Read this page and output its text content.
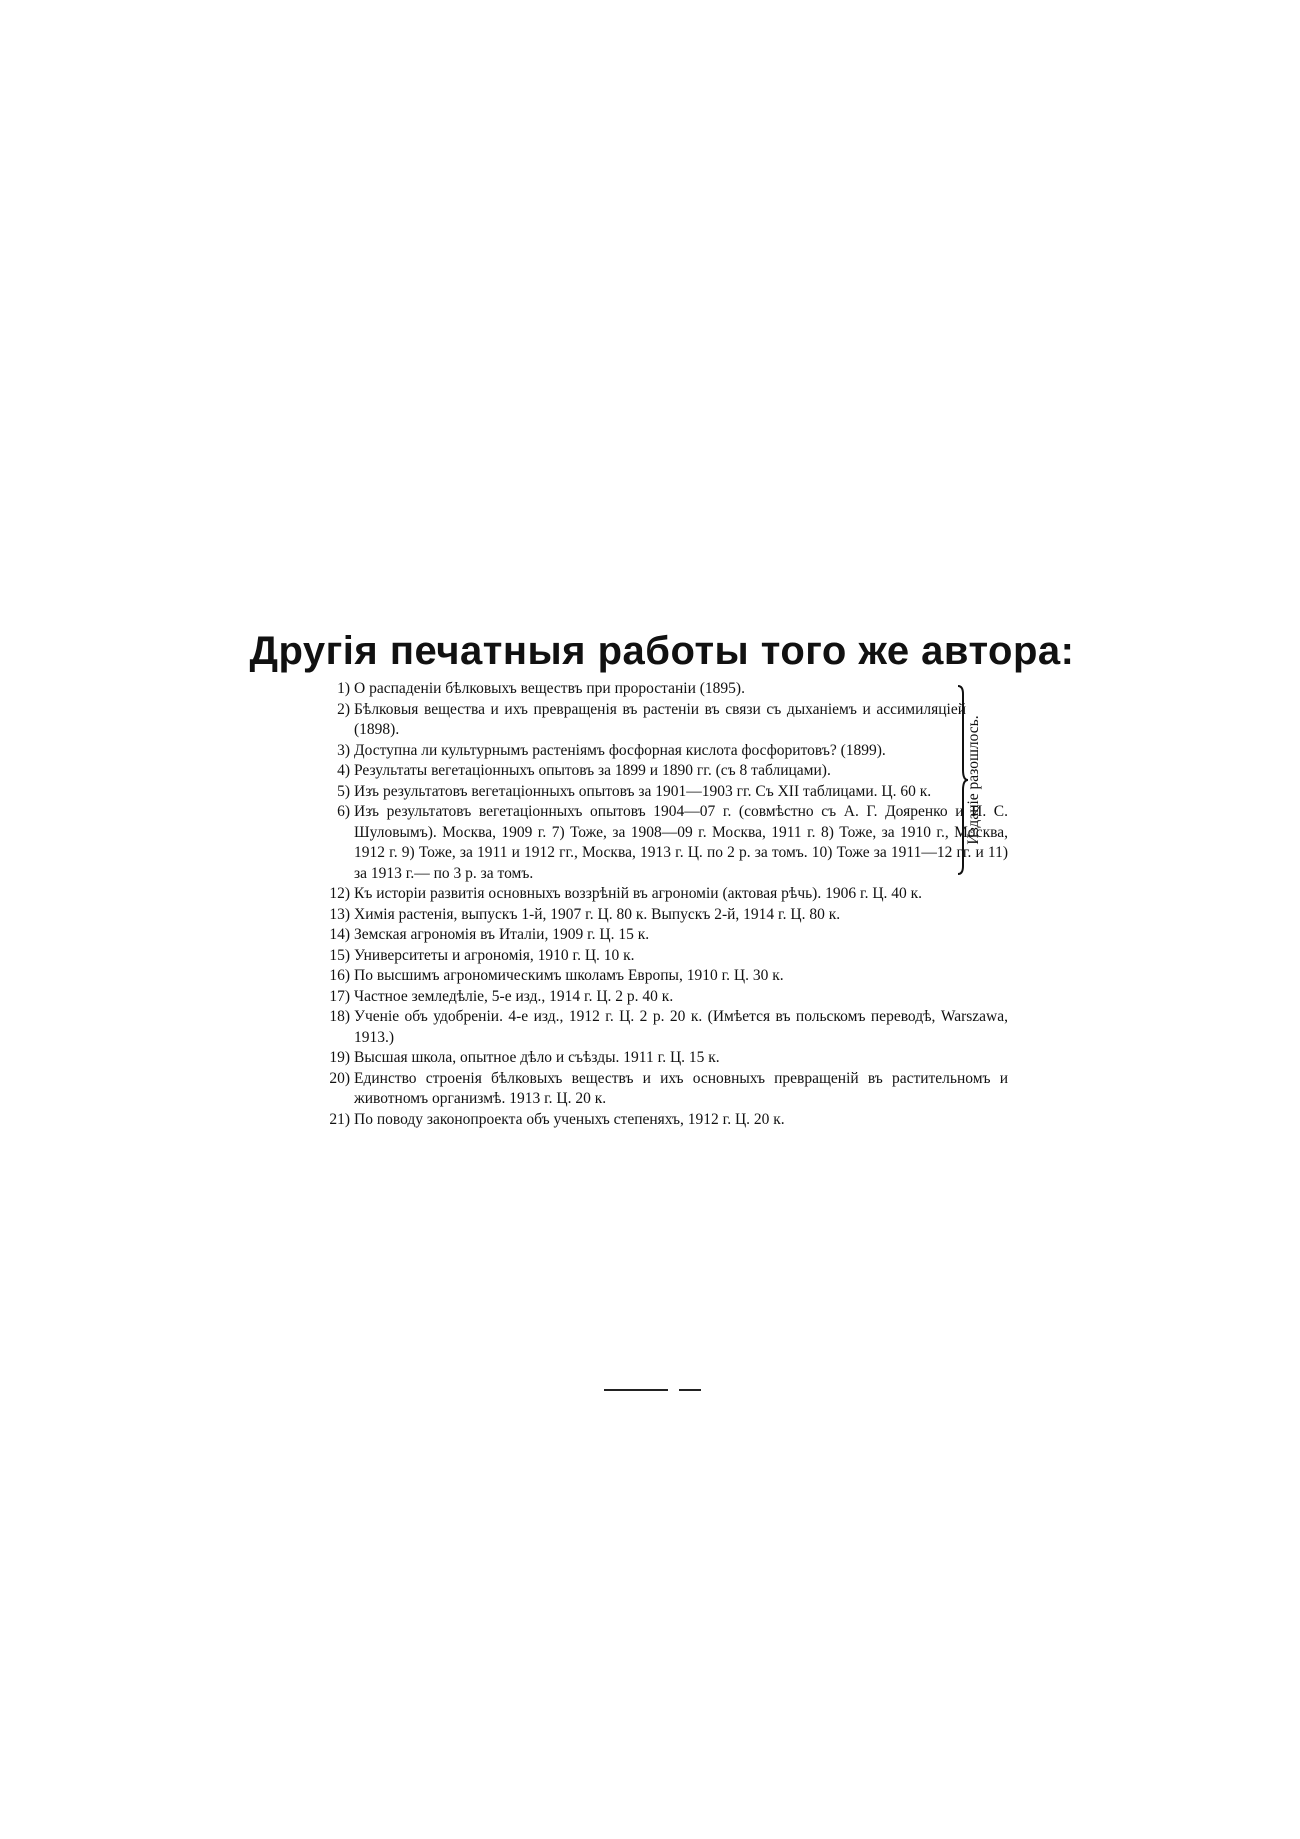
Другія печатныя работы того же автора:
1) О распаденіи бѣлковыхъ веществъ при проростаніи (1895).
2) Бѣлковыя вещества и ихъ превращенія въ растеніи въ связи съ дыханіемъ и ассимиляціей (1898).
3) Доступна ли культурнымъ растеніямъ фосфорная кислота фосфоритовъ? (1899).
4) Результаты вегетаціонныхъ опытовъ за 1899 и 1890 гг. (съ 8 таблицами).
5) Изъ результатовъ вегетаціонныхъ опытовъ за 1901—1903 гг. Съ XII таблицами. Ц. 60 к.
6) Изъ результатовъ вегетаціонныхъ опытовъ 1904—07 г. (совмѣстно съ А. Г. Дояренко и И. С. Шуловымъ). Москва, 1909 г. 7) Тоже, за 1908—09 г. Москва, 1911 г. 8) Тоже, за 1910 г., Москва, 1912 г. 9) Тоже, за 1911 и 1912 гг., Москва, 1913 г. Ц. по 2 р. за томъ. 10) Тоже за 1911—12 гг. и 11) за 1913 г.— по 3 р. за томъ.
12) Къ исторіи развитія основныхъ воззрѣній въ агрономіи (актовая рѣчь). 1906 г. Ц. 40 к.
13) Химія растенія, выпускъ 1-й, 1907 г. Ц. 80 к. Выпускъ 2-й, 1914 г. Ц. 80 к.
14) Земская агрономія въ Италіи, 1909 г. Ц. 15 к.
15) Университеты и агрономія, 1910 г. Ц. 10 к.
16) По высшимъ агрономическимъ школамъ Европы, 1910 г. Ц. 30 к.
17) Частное земледѣліе, 5-е изд., 1914 г. Ц. 2 р. 40 к.
18) Ученіе объ удобреніи. 4-е изд., 1912 г. Ц. 2 р. 20 к. (Имѣется въ польскомъ переводѣ, Warszawa, 1913.)
19) Высшая школа, опытное дѣло и съѣзды. 1911 г. Ц. 15 к.
20) Единство строенія бѣлковыхъ веществъ и ихъ основныхъ превращеній въ растительномъ и животномъ организмѣ. 1913 г. Ц. 20 к.
21) По поводу законопроекта объ ученыхъ степеняхъ, 1912 г. Ц. 20 к.
Изданіе разошлось.
